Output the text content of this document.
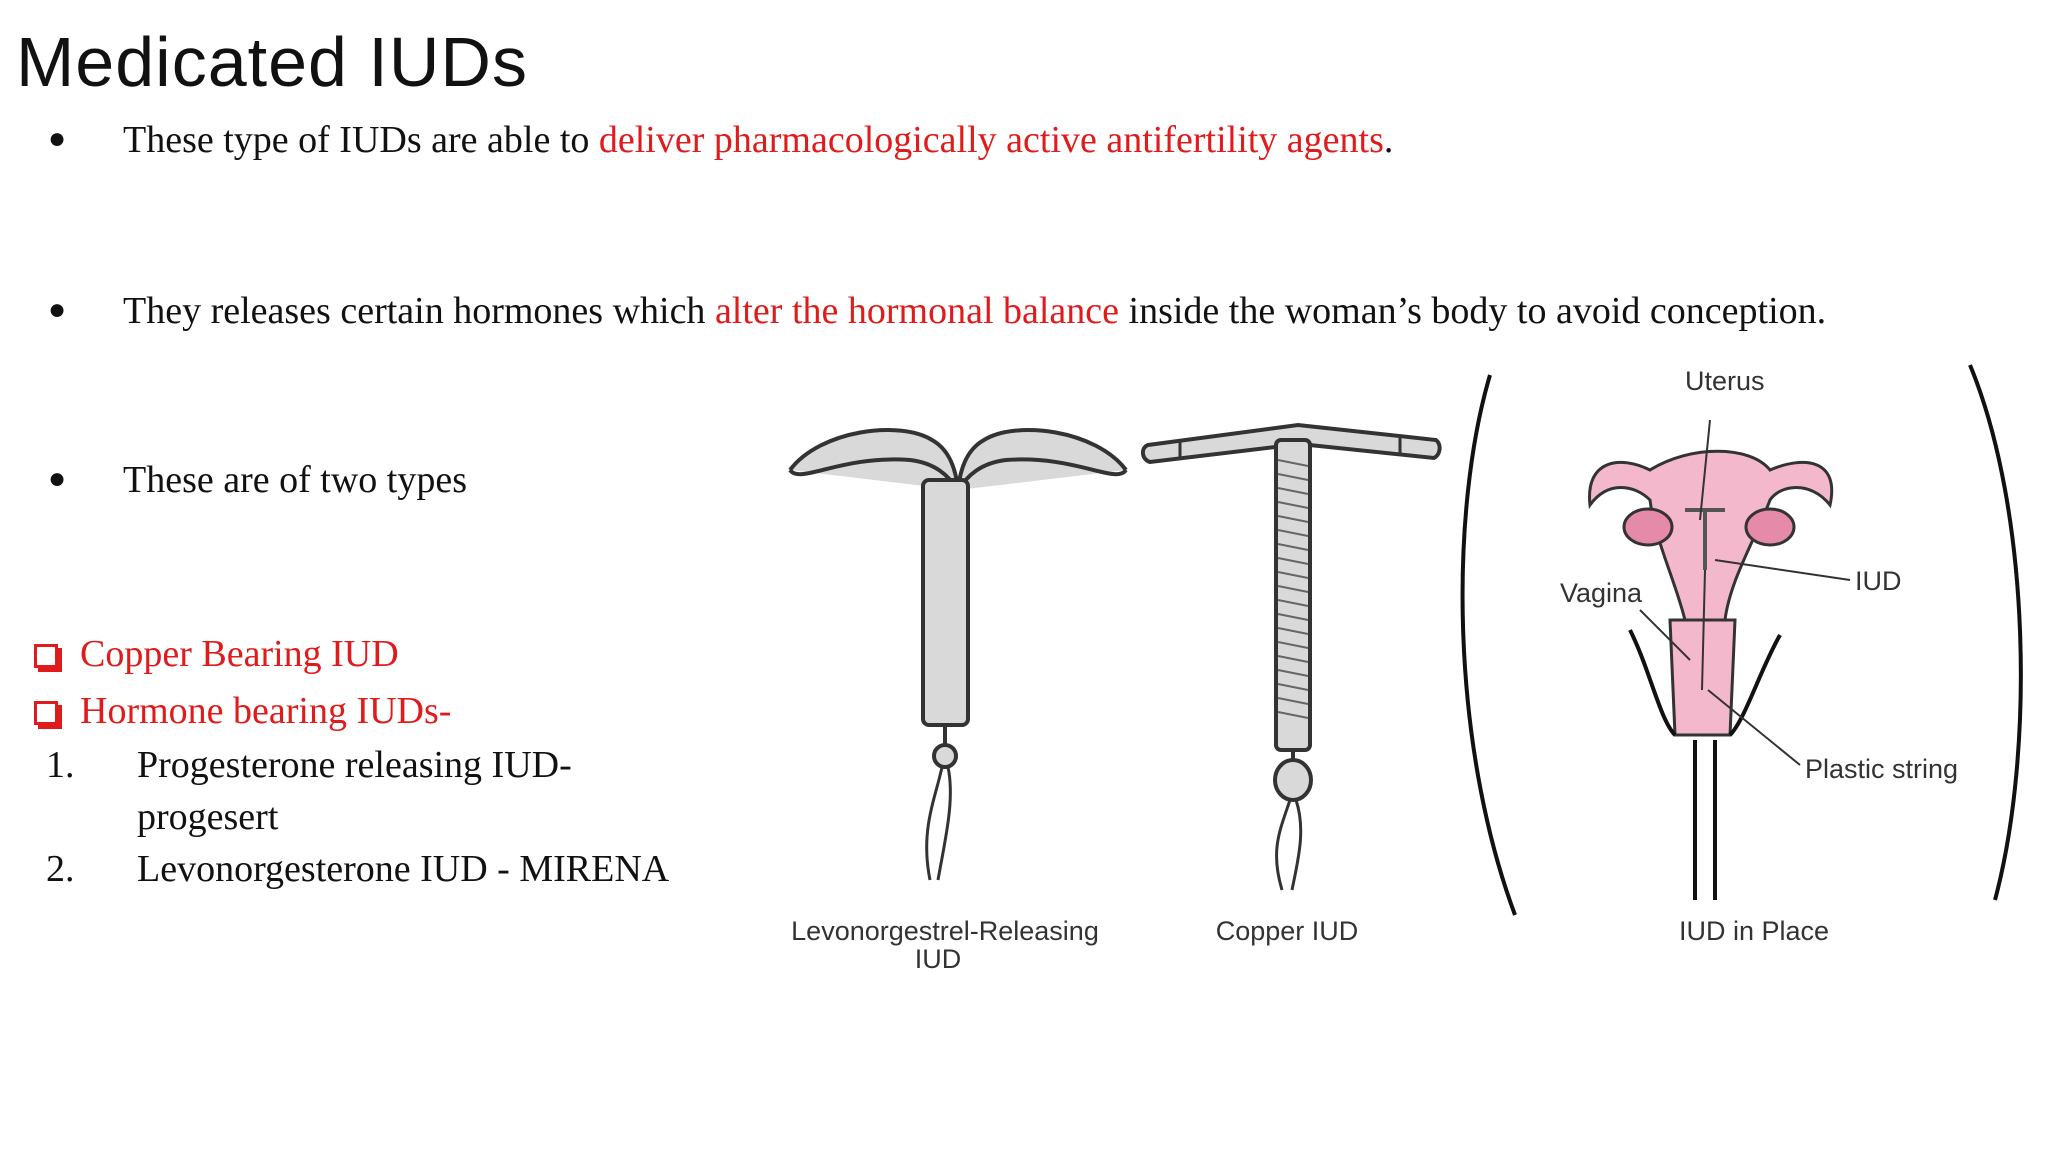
Medicated IUDs
● These type of IUDs are able to deliver pharmacologically active antifertility agents.
● They releases certain hormones which alter the hormonal balance inside the woman’s body to avoid conception.
● These are of two types
Copper Bearing IUD
Hormone bearing IUDs-
1. Progesterone releasing IUD-
progesert
2. Levonorgesterone IUD - MIRENA
Uterus
Vagina	IUD
Plastic string
Levonorgestrel-Releasing
IUD
Copper IUD	IUD in Place
